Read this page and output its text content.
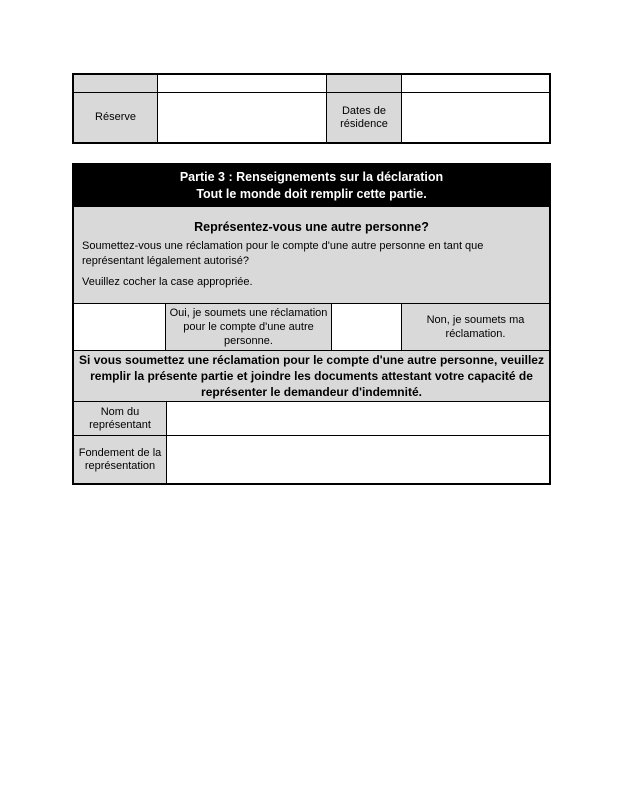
Réserve
Dates de résidence
Partie 3 : Renseignements sur la déclaration
Tout le monde doit remplir cette partie.
Représentez-vous une autre personne?
Soumettez-vous une réclamation pour le compte d'une autre personne en tant que représentant légalement autorisé?
Veuillez cocher la case appropriée.
Oui, je soumets une réclamation pour le compte d'une autre personne.
Non, je soumets ma réclamation.
Si vous soumettez une réclamation pour le compte d'une autre personne, veuillez remplir la présente partie et joindre les documents attestant votre capacité de représenter le demandeur d'indemnité.
Nom du représentant
Fondement de la représentation
